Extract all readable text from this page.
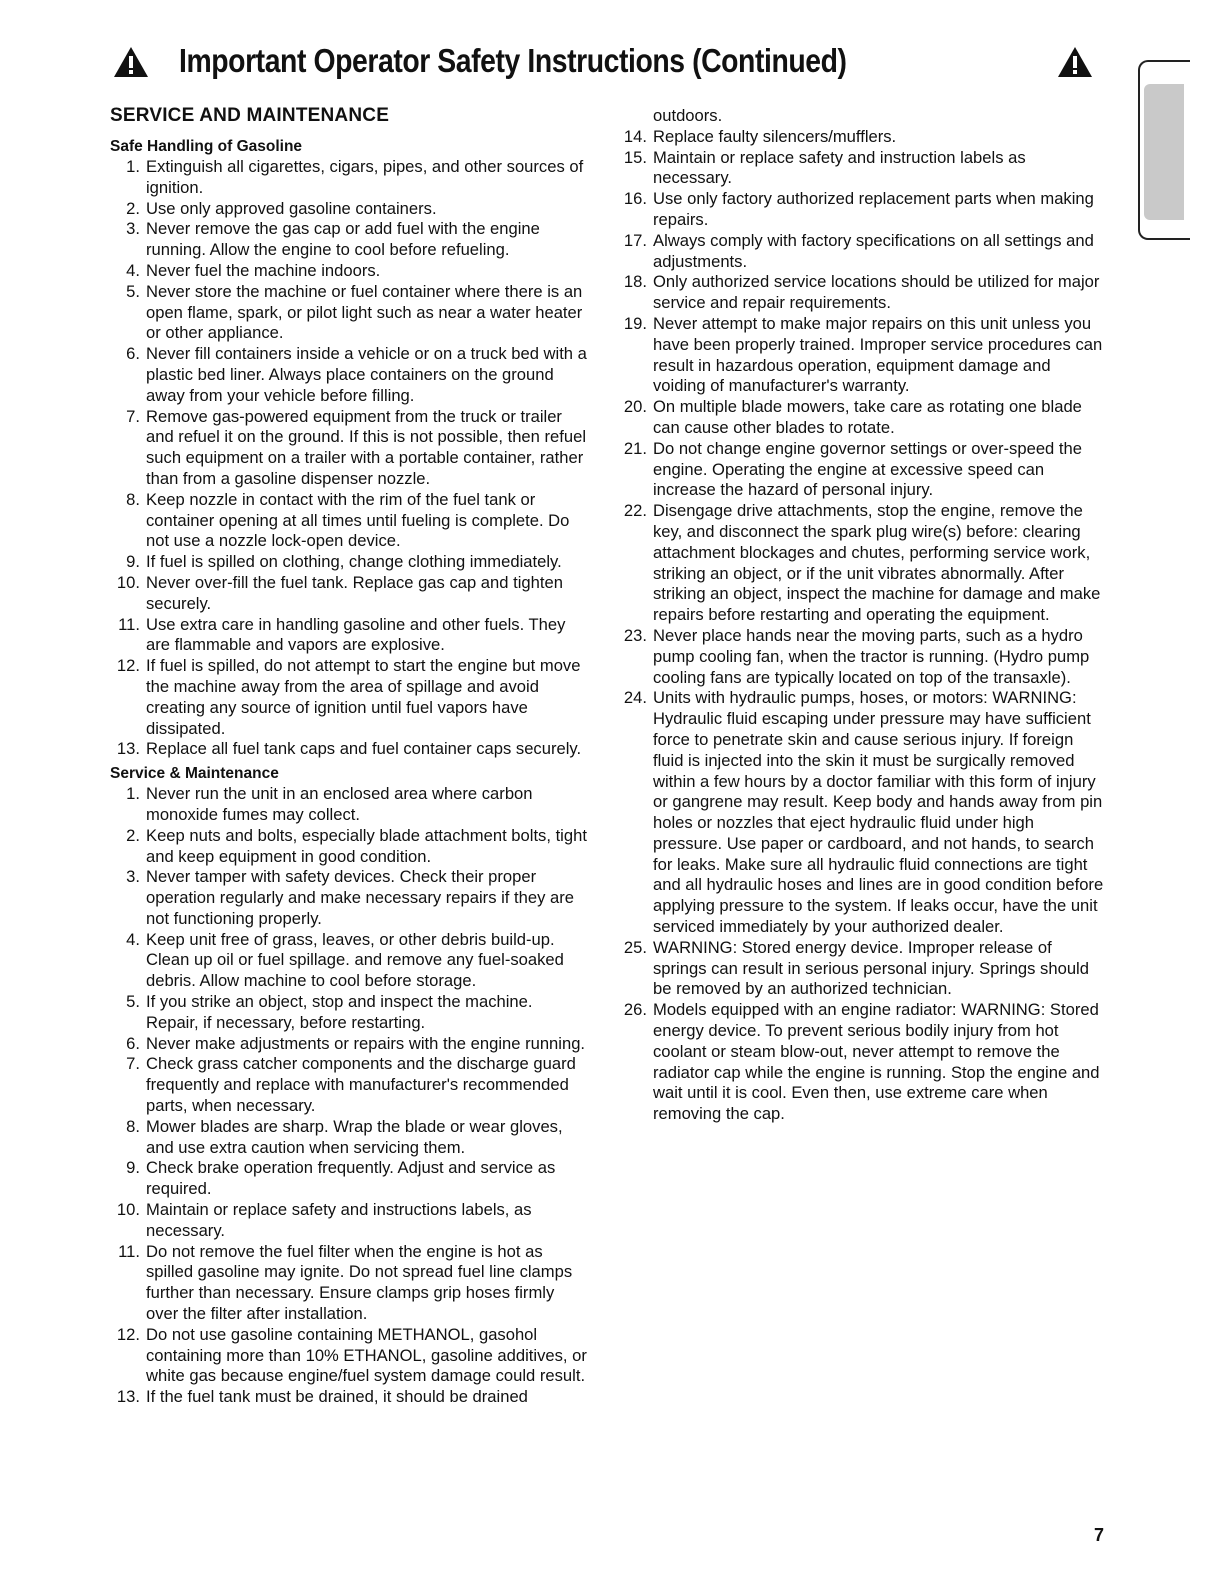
Important Operator Safety Instructions (Continued)
Safety
SERVICE AND MAINTENANCE
Safe Handling of Gasoline
1. Extinguish all cigarettes, cigars, pipes, and other sources of ignition.
2. Use only approved gasoline containers.
3. Never remove the gas cap or add fuel with the engine running. Allow the engine to cool before refueling.
4. Never fuel the machine indoors.
5. Never store the machine or fuel container where there is an open flame, spark, or pilot light such as near a water heater or other appliance.
6. Never fill containers inside a vehicle or on a truck bed with a plastic bed liner. Always place containers on the ground away from your vehicle before filling.
7. Remove gas-powered equipment from the truck or trailer and refuel it on the ground. If this is not possible, then refuel such equipment on a trailer with a portable container, rather than from a gasoline dispenser nozzle.
8. Keep nozzle in contact with the rim of the fuel tank or container opening at all times until fueling is complete. Do not use a nozzle lock-open device.
9. If fuel is spilled on clothing, change clothing immediately.
10. Never over-fill the fuel tank. Replace gas cap and tighten securely.
11. Use extra care in handling gasoline and other fuels. They are flammable and vapors are explosive.
12. If fuel is spilled, do not attempt to start the engine but move the machine away from the area of spillage and avoid creating any source of ignition until fuel vapors have dissipated.
13. Replace all fuel tank caps and fuel container caps securely.
Service & Maintenance
1. Never run the unit in an enclosed area where carbon monoxide fumes may collect.
2. Keep nuts and bolts, especially blade attachment bolts, tight and keep equipment in good condition.
3. Never tamper with safety devices. Check their proper operation regularly and make necessary repairs if they are not functioning properly.
4. Keep unit free of grass, leaves, or other debris build-up. Clean up oil or fuel spillage. and remove any fuel-soaked debris. Allow machine to cool before storage.
5. If you strike an object, stop and inspect the machine. Repair, if necessary, before restarting.
6. Never make adjustments or repairs with the engine running.
7. Check grass catcher components and the discharge guard frequently and replace with manufacturer's recommended parts, when necessary.
8. Mower blades are sharp. Wrap the blade or wear gloves, and use extra caution when servicing them.
9. Check brake operation frequently. Adjust and service as required.
10. Maintain or replace safety and instructions labels, as necessary.
11. Do not remove the fuel filter when the engine is hot as spilled gasoline may ignite. Do not spread fuel line clamps further than necessary. Ensure clamps grip hoses firmly over the filter after installation.
12. Do not use gasoline containing METHANOL, gasohol containing more than 10% ETHANOL, gasoline additives, or white gas because engine/fuel system damage could result.
13. If the fuel tank must be drained, it should be drained
outdoors.
14. Replace faulty silencers/mufflers.
15. Maintain or replace safety and instruction labels as necessary.
16. Use only factory authorized replacement parts when making repairs.
17. Always comply with factory specifications on all settings and adjustments.
18. Only authorized service locations should be utilized for major service and repair requirements.
19. Never attempt to make major repairs on this unit unless you have been properly trained. Improper service procedures can result in hazardous operation, equipment damage and voiding of manufacturer's warranty.
20. On multiple blade mowers, take care as rotating one blade can cause other blades to rotate.
21. Do not change engine governor settings or over-speed the engine. Operating the engine at excessive speed can increase the hazard of personal injury.
22. Disengage drive attachments, stop the engine, remove the key, and disconnect the spark plug wire(s) before: clearing attachment blockages and chutes, performing service work, striking an object, or if the unit vibrates abnormally. After striking an object, inspect the machine for damage and make repairs before restarting and operating the equipment.
23. Never place hands near the moving parts, such as a hydro pump cooling fan, when the tractor is running. (Hydro pump cooling fans are typically located on top of the transaxle).
24. Units with hydraulic pumps, hoses, or motors: WARNING: Hydraulic fluid escaping under pressure may have sufficient force to penetrate skin and cause serious injury. If foreign fluid is injected into the skin it must be surgically removed within a few hours by a doctor familiar with this form of injury or gangrene may result. Keep body and hands away from pin holes or nozzles that eject hydraulic fluid under high pressure. Use paper or cardboard, and not hands, to search for leaks. Make sure all hydraulic fluid connections are tight and all hydraulic hoses and lines are in good condition before applying pressure to the system. If leaks occur, have the unit serviced immediately by your authorized dealer.
25. WARNING: Stored energy device. Improper release of springs can result in serious personal injury. Springs should be removed by an authorized technician.
26. Models equipped with an engine radiator: WARNING: Stored energy device. To prevent serious bodily injury from hot coolant or steam blow-out, never attempt to remove the radiator cap while the engine is running. Stop the engine and wait until it is cool. Even then, use extreme care when removing the cap.
7
